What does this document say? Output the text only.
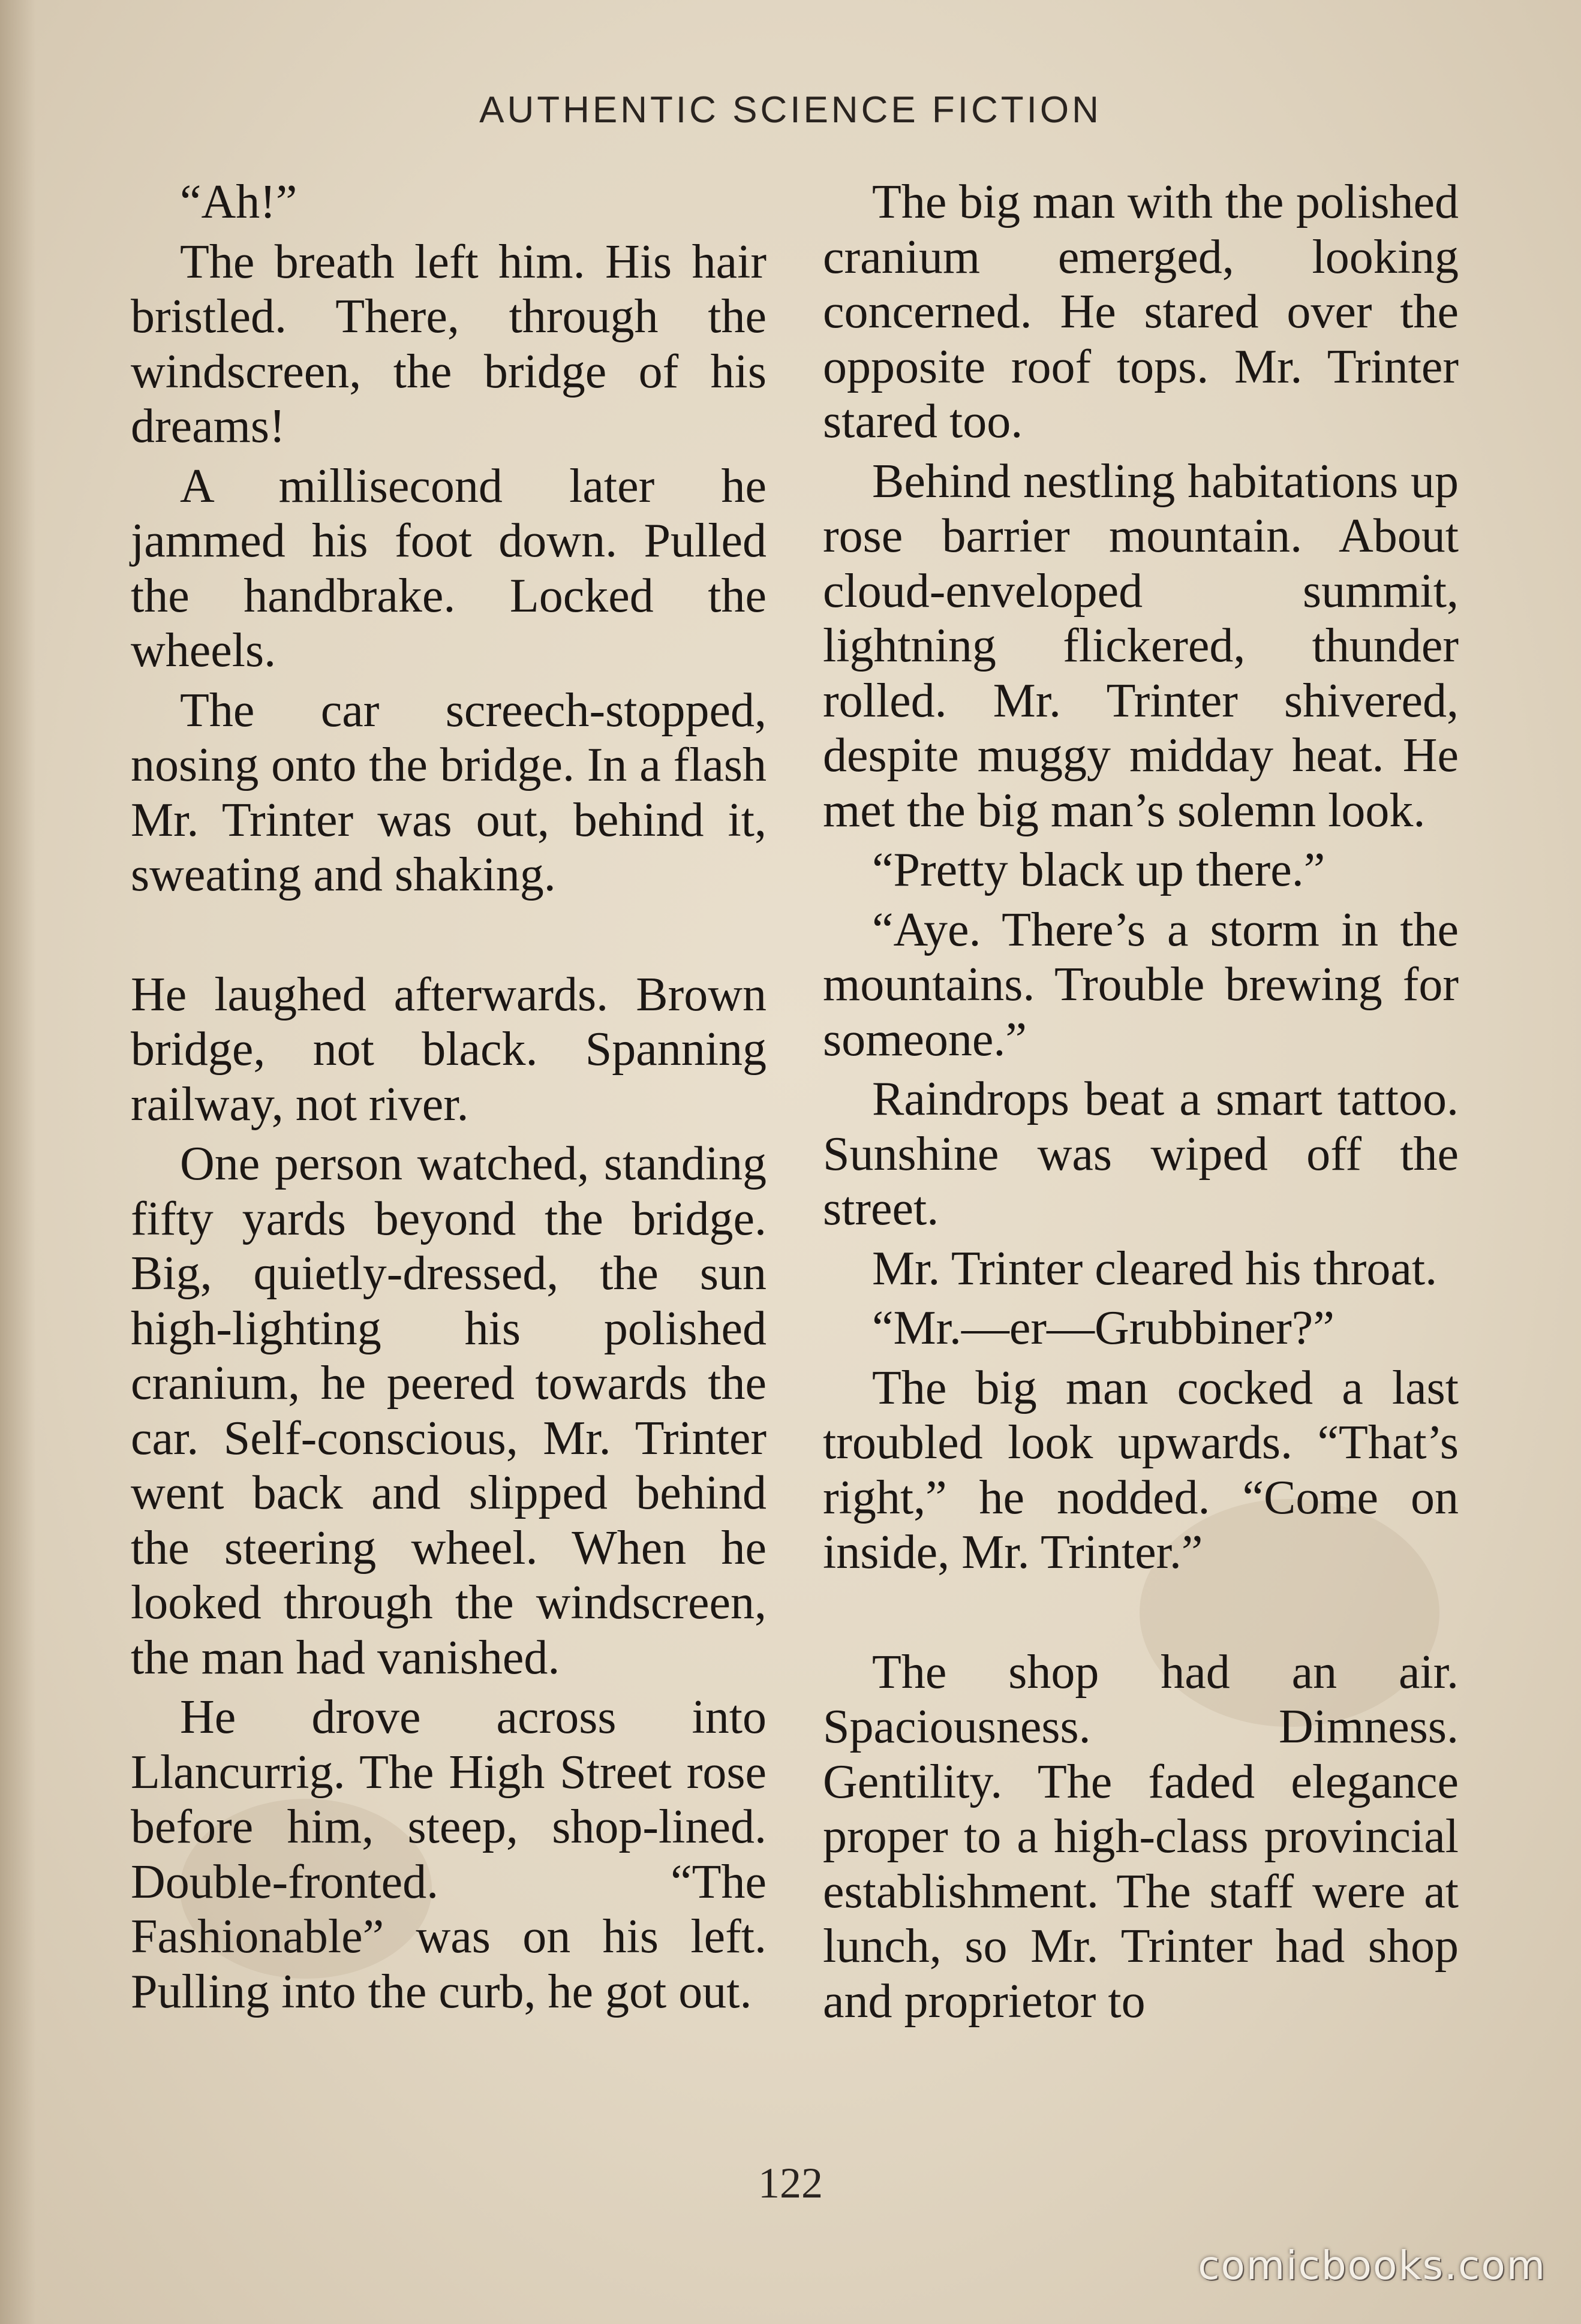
AUTHENTIC SCIENCE FICTION

“Ah!”

The breath left him. His hair bristled. There, through the windscreen, the bridge of his dreams!

A millisecond later he jammed his foot down. Pulled the handbrake. Locked the wheels.

The car screech-stopped, nosing onto the bridge. In a flash Mr. Trinter was out, behind it, sweating and shaking.

He laughed afterwards. Brown bridge, not black. Spanning railway, not river.

One person watched, standing fifty yards beyond the bridge. Big, quietly-dressed, the sun high-lighting his polished cranium, he peered towards the car. Self-conscious, Mr. Trinter went back and slipped behind the steering wheel. When he looked through the windscreen, the man had vanished.

He drove across into Llancurrig. The High Street rose before him, steep, shop-lined. Double-fronted. “The Fashionable” was on his left. Pulling into the curb, he got out.

The big man with the polished cranium emerged, looking concerned. He stared over the opposite roof tops. Mr. Trinter stared too.

Behind nestling habitations up rose barrier mountain. About cloud-enveloped summit, lightning flickered, thunder rolled. Mr. Trinter shivered, despite muggy midday heat. He met the big man’s solemn look.

“Pretty black up there.”

“Aye. There’s a storm in the mountains. Trouble brewing for someone.”

Raindrops beat a smart tattoo. Sunshine was wiped off the street.

Mr. Trinter cleared his throat.

“Mr.—er—Grubbiner?”

The big man cocked a last troubled look upwards. “That’s right,” he nodded. “Come on inside, Mr. Trinter.”

The shop had an air. Spaciousness. Dimness. Gentility. The faded elegance proper to a high-class provincial establishment. The staff were at lunch, so Mr. Trinter had shop and proprietor to

122
comicbooks.com
